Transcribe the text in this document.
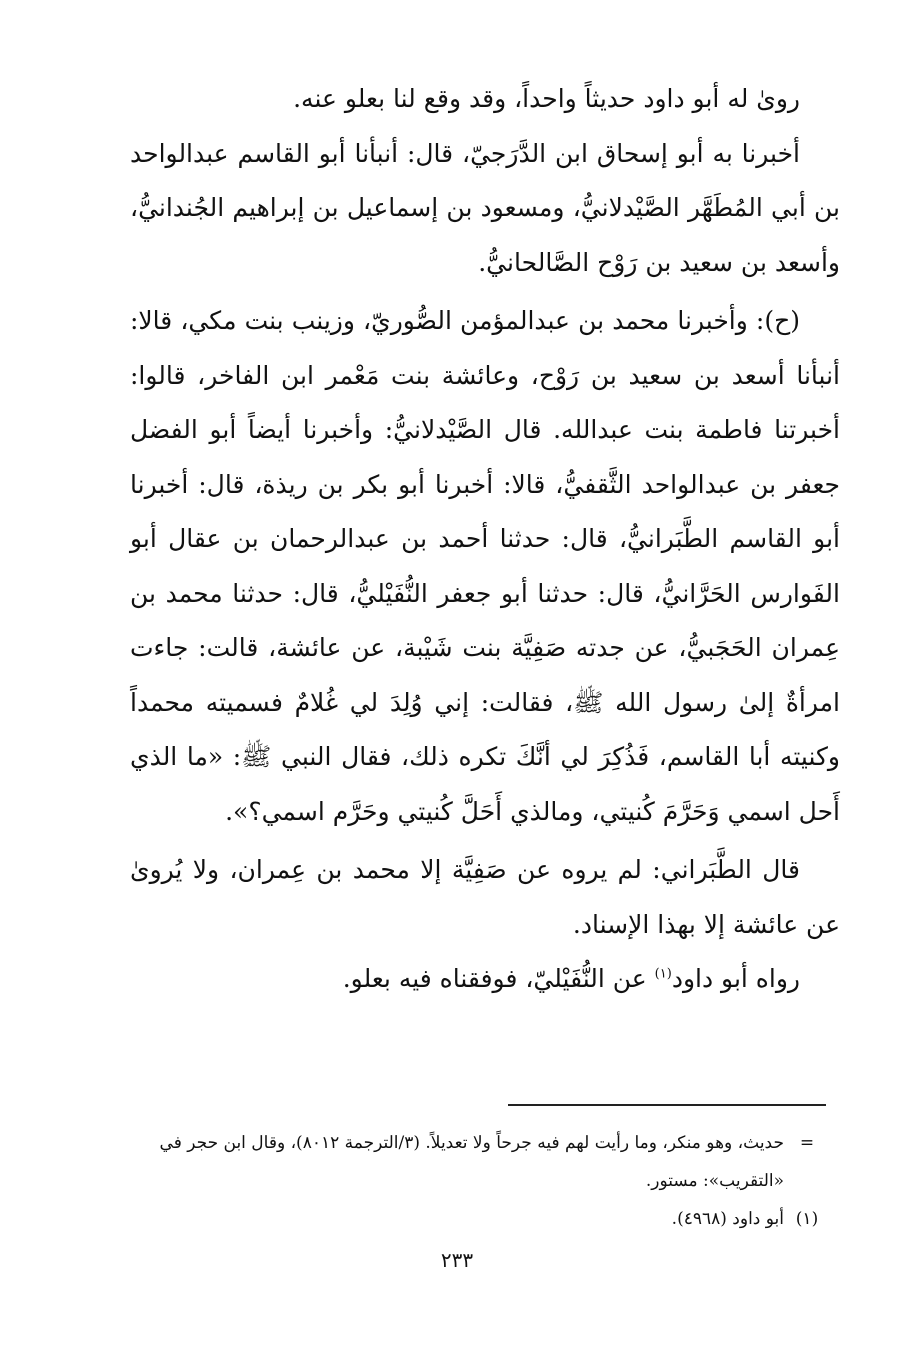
رویٰ له أبو داود حديثاً واحداً، وقد وقع لنا بعلو عنه.

أخبرنا به أبو إسحاق ابن الدَّرَجيّ، قال: أنبأنا أبو القاسم عبدالواحد بن أبي المُطَهَّر الصَّيْدلانيُّ، ومسعود بن إسماعيل بن إبراهيم الجُندانيُّ، وأسعد بن سعيد بن رَوْح الصَّالحانيُّ.

(ح): وأخبرنا محمد بن عبدالمؤمن الصُّوريّ، وزينب بنت مكي، قالا: أنبأنا أسعد بن سعيد بن رَوْح، وعائشة بنت مَعْمر ابن الفاخر، قالوا: أخبرتنا فاطمة بنت عبدالله. قال الصَّيْدلانيُّ: وأخبرنا أيضاً أبو الفضل جعفر بن عبدالواحد الثَّقفيُّ، قالا: أخبرنا أبو بكر بن ريذة، قال: أخبرنا أبو القاسم الطَّبَرانيُّ، قال: حدثنا أحمد بن عبدالرحمان بن عقال أبو الفَوارس الحَرَّانيُّ، قال: حدثنا أبو جعفر النُّفَيْليُّ، قال: حدثنا محمد بن عِمران الحَجَبيُّ، عن جدته صَفِيَّة بنت شَيْبة، عن عائشة، قالت: جاءت امرأةٌ إلىٰ رسول الله ﷺ، فقالت: إني وُلِدَ لي غُلامٌ فسميته محمداً وكنيته أبا القاسم، فَذُكِرَ لي أنَّكَ تكره ذلك، فقال النبي ﷺ: «ما الذي أَحل اسمي وَحَرَّمَ كُنيتي، ومالذي أَحَلَّ كُنيتي وحَرَّم اسمي؟».

قال الطَّبَراني: لم يروه عن صَفِيَّة إلا محمد بن عِمران، ولا يُرویٰ عن عائشة إلا بهذا الإسناد.

رواه أبو داود$^{(١)}$ عن النُّفَيْليّ، فوفقناه فيه بعلو.

=
حديث، وهو منكر، وما رأيت لهم فيه جرحاً ولا تعديلاً. (٣/الترجمة ٨٠١٢)، وقال ابن حجر في «التقريب»: مستور.
(١)
أبو داود (٤٩٦٨).
٢٣٣
